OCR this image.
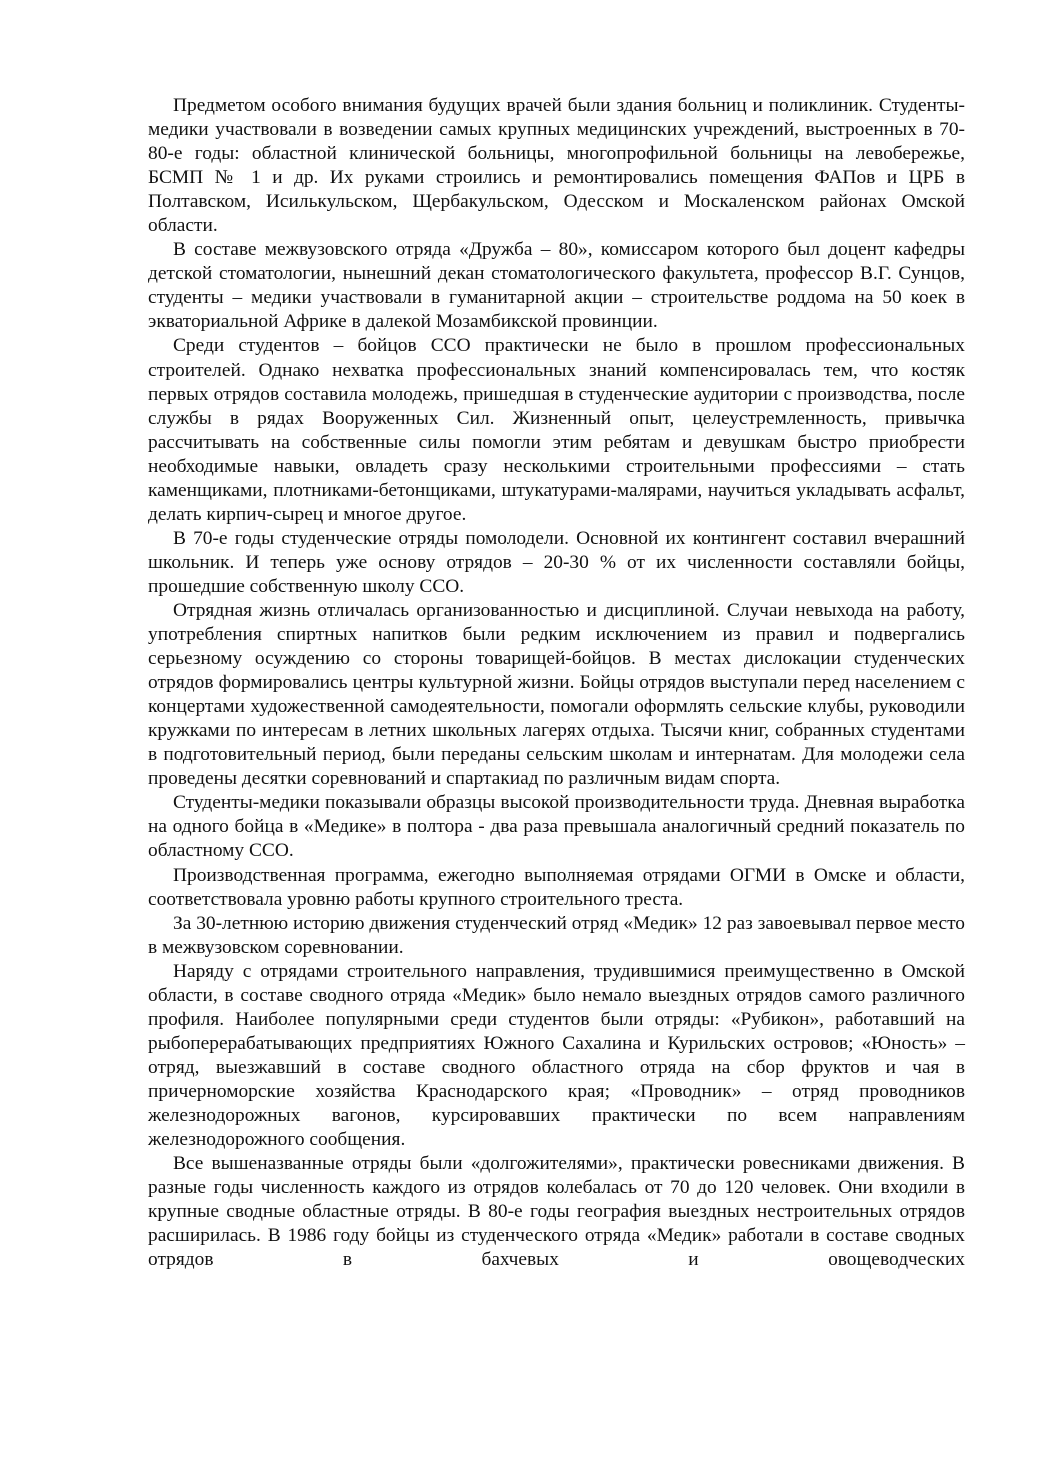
Предметом особого внимания будущих врачей были здания больниц и поликлиник. Студенты-медики участвовали в возведении самых крупных медицинских учреждений, выстроенных в 70-80-е годы: областной клинической больницы, многопрофильной больницы на левобережье, БСМП № 1 и др. Их руками строились и ремонтировались помещения ФАПов и ЦРБ в Полтавском, Исилькульском, Щербакульском, Одесском и Москаленском районах Омской области.

В составе межвузовского отряда «Дружба – 80», комиссаром которого был доцент кафедры детской стоматологии, нынешний декан стоматологического факультета, профессор В.Г. Сунцов, студенты – медики участвовали в гуманитарной акции – строительстве роддома на 50 коек в экваториальной Африке в далекой Мозамбикской провинции.

Среди студентов – бойцов ССО практически не было в прошлом профессиональных строителей. Однако нехватка профессиональных знаний компенсировалась тем, что костяк первых отрядов составила молодежь, пришедшая в студенческие аудитории с производства, после службы в рядах Вооруженных Сил. Жизненный опыт, целеустремленность, привычка рассчитывать на собственные силы помогли этим ребятам и девушкам быстро приобрести необходимые навыки, овладеть сразу несколькими строительными профессиями – стать каменщиками, плотниками-бетонщиками, штукатурами-малярами, научиться укладывать асфальт, делать кирпич-сырец и многое другое.

В 70-е годы студенческие отряды помолодели. Основной их контингент составил вчерашний школьник. И теперь уже основу отрядов – 20-30 % от их численности составляли бойцы, прошедшие собственную школу ССО.

Отрядная жизнь отличалась организованностью и дисциплиной. Случаи невыхода на работу, употребления спиртных напитков были редким исключением из правил и подвергались серьезному осуждению со стороны товарищей-бойцов. В местах дислокации студенческих отрядов формировались центры культурной жизни. Бойцы отрядов выступали перед населением с концертами художественной самодеятельности, помогали оформлять сельские клубы, руководили кружками по интересам в летних школьных лагерях отдыха. Тысячи книг, собранных студентами в подготовительный период, были переданы сельским школам и интернатам. Для молодежи села проведены десятки соревнований и спартакиад по различным видам спорта.

Студенты-медики показывали образцы высокой производительности труда. Дневная выработка на одного бойца в «Медике» в полтора - два раза превышала аналогичный средний показатель по областному ССО.

Производственная программа, ежегодно выполняемая отрядами ОГМИ в Омске и области, соответствовала уровню работы крупного строительного треста.

За 30-летнюю историю движения студенческий отряд «Медик» 12 раз завоевывал первое место в межвузовском соревновании.

Наряду с отрядами строительного направления, трудившимися преимущественно в Омской области, в составе сводного отряда «Медик» было немало выездных отрядов самого различного профиля. Наиболее популярными среди студентов были отряды: «Рубикон», работавший на рыбоперерабатывающих предприятиях Южного Сахалина и Курильских островов; «Юность» – отряд, выезжавший в составе сводного областного отряда на сбор фруктов и чая в причерноморские хозяйства Краснодарского края; «Проводник» – отряд проводников железнодорожных вагонов, курсировавших практически по всем направлениям железнодорожного сообщения.

Все вышеназванные отряды были «долгожителями», практически ровесниками движения. В разные годы численность каждого из отрядов колебалась от 70 до 120 человек. Они входили в крупные сводные областные отряды. В 80-е годы география выездных нестроительных отрядов расширилась. В 1986 году бойцы из студенческого отряда «Медик» работали в составе сводных отрядов в бахчевых и овощеводческих
